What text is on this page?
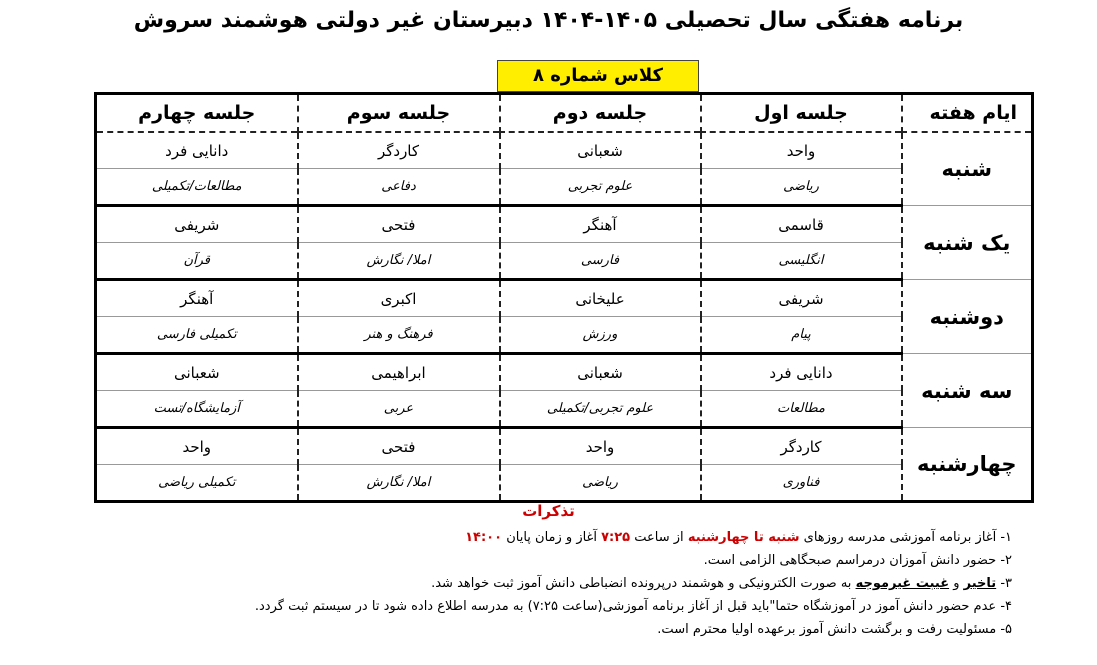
برنامه هفتگی سال تحصیلی ۱۴۰۵-۱۴۰۴ دبیرستان غیر دولتی هوشمند سروش
کلاس شماره ۸
ایام هفته	جلسه اول	جلسه دوم	جلسه سوم	جلسه چهارم
شنبه	واحد	شعبانی	کاردگر	دانایی فرد
	ریاضی	علوم تجربی	دفاعی	مطالعات/تکمیلی
یک شنبه	قاسمی	آهنگر	فتحی	شریفی
	انگلیسی	فارسی	املا/ نگارش	قرآن
دوشنبه	شریفی	علیخانی	اکبری	آهنگر
	پیام	ورزش	فرهنگ و هنر	تکمیلی فارسی
سه شنبه	دانایی فرد	شعبانی	ابراهیمی	شعبانی
	مطالعات	علوم تجربی/تکمیلی	عربی	آزمایشگاه/تست
چهارشنبه	کاردگر	واحد	فتحی	واحد
	فناوری	ریاضی	املا/ نگارش	تکمیلی ریاضی
تذکرات
۱- آغاز برنامه آموزشی مدرسه روزهای شنبه تا چهارشنبه از ساعت ۷:۲۵ آغاز و زمان پایان ۱۴:۰۰
۲- حضور دانش آموزان درمراسم صبحگاهی الزامی است.
۳- تاخیر و غیبت غیرموجه به صورت الکترونیکی و هوشمند درپرونده انضباطی دانش آموز ثبت خواهد شد.
۴- عدم حضور دانش آموز در آموزشگاه حتما"باید قبل از آغاز برنامه آموزشی(ساعت ۷:۲۵) به مدرسه اطلاع داده شود تا در سیستم ثبت گردد.
۵- مسئولیت رفت و برگشت دانش آموز برعهده اولیا محترم است.
